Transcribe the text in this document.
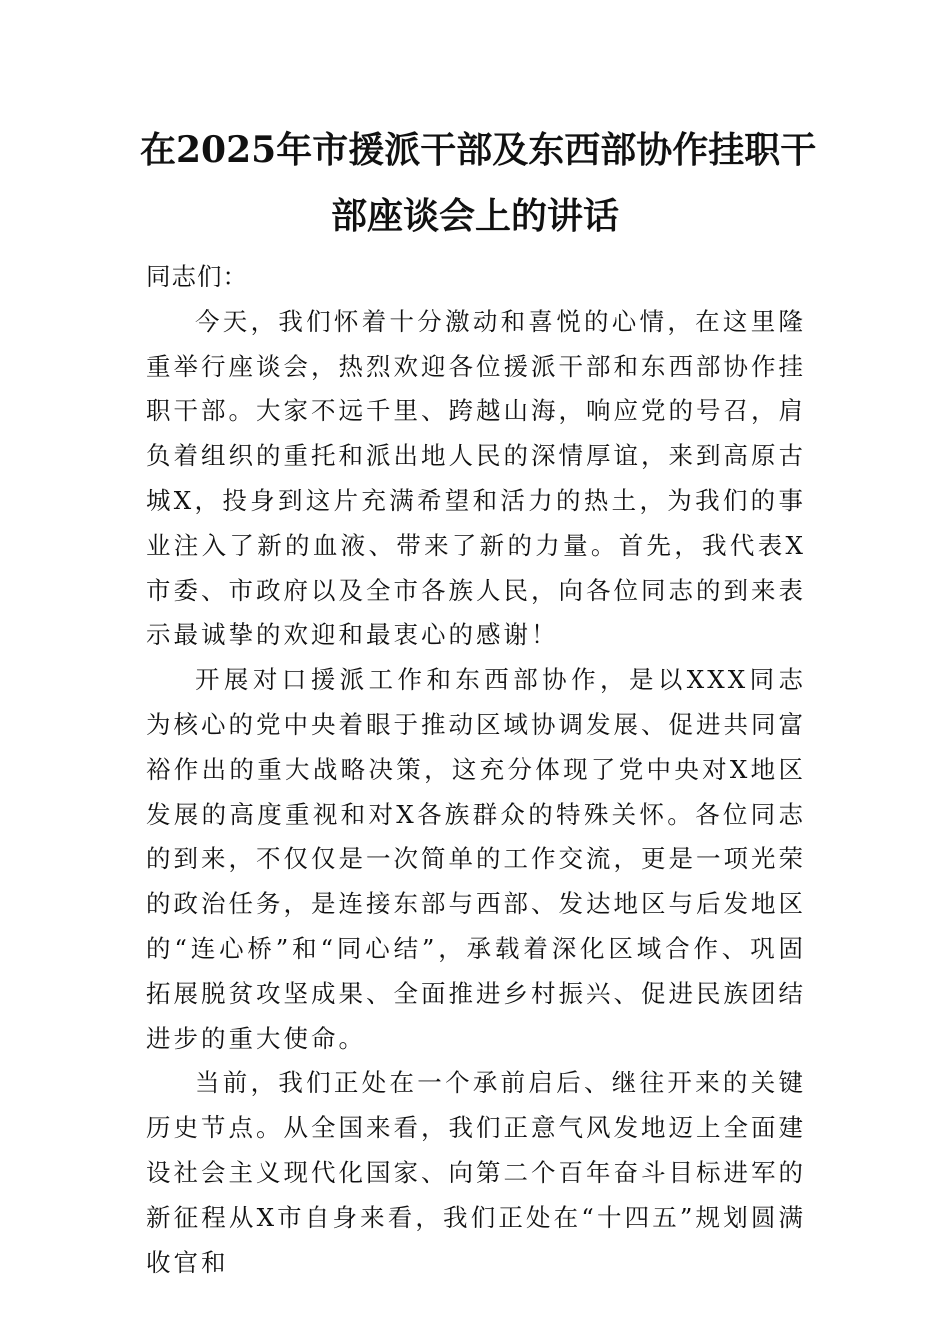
在2025年市援派干部及东西部协作挂职干
部座谈会上的讲话

同志们：

今天，我们怀着十分激动和喜悦的心情，在这里隆重举行座谈会，热烈欢迎各位援派干部和东西部协作挂职干部。大家不远千里、跨越山海，响应党的号召，肩负着组织的重托和派出地人民的深情厚谊，来到高原古城X，投身到这片充满希望和活力的热土，为我们的事业注入了新的血液、带来了新的力量。首先，我代表X市委、市政府以及全市各族人民，向各位同志的到来表示最诚挚的欢迎和最衷心的感谢！

开展对口援派工作和东西部协作，是以XXX同志为核心的党中央着眼于推动区域协调发展、促进共同富裕作出的重大战略决策，这充分体现了党中央对X地区发展的高度重视和对X各族群众的特殊关怀。各位同志的到来，不仅仅是一次简单的工作交流，更是一项光荣的政治任务，是连接东部与西部、发达地区与后发地区的“连心桥”和“同心结”，承载着深化区域合作、巩固拓展脱贫攻坚成果、全面推进乡村振兴、促进民族团结进步的重大使命。

当前，我们正处在一个承前启后、继往开来的关键历史节点。从全国来看，我们正意气风发地迈上全面建设社会主义现代化国家、向第二个百年奋斗目标进军的新征程从X市自身来看，我们正处在“十四五”规划圆满收官和
